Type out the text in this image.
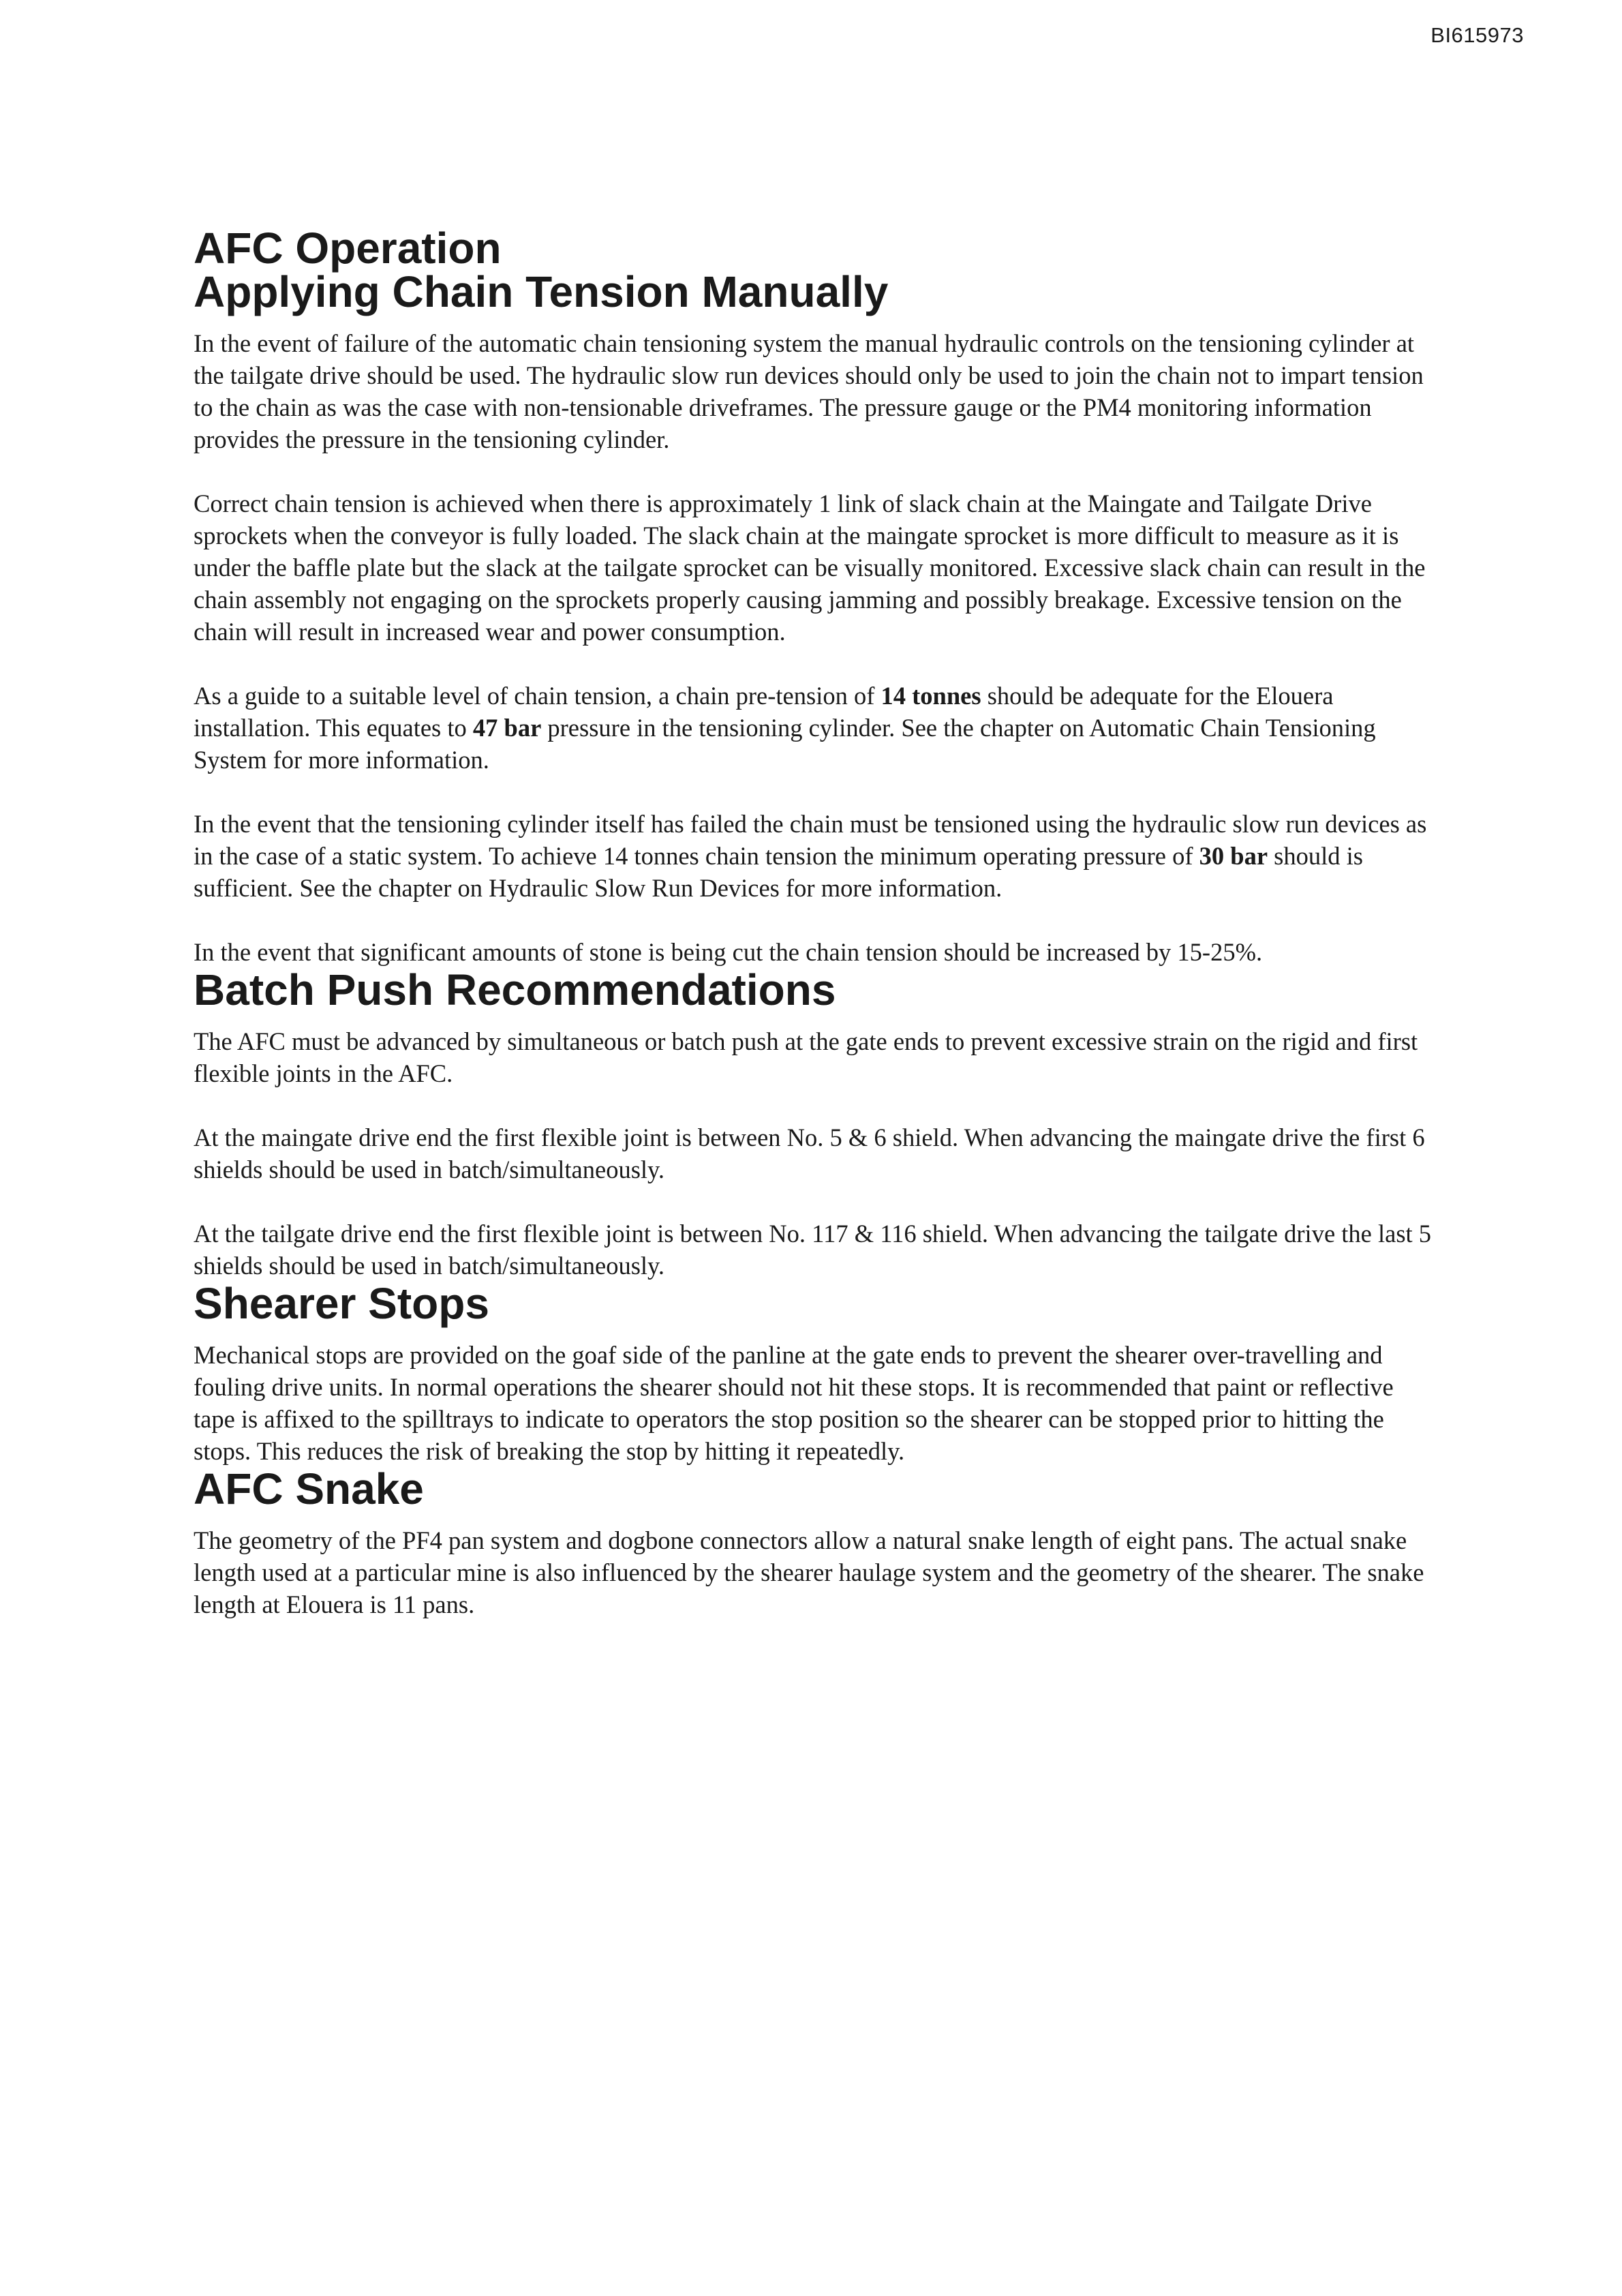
BI615973
AFC Operation
Applying Chain Tension Manually

In the event of failure of the automatic chain tensioning system the manual hydraulic controls on the tensioning cylinder at the tailgate drive should be used. The hydraulic slow run devices should only be used to join the chain not to impart tension to the chain as was the case with non-tensionable driveframes. The pressure gauge or the PM4 monitoring information provides the pressure in the tensioning cylinder.

Correct chain tension is achieved when there is approximately 1 link of slack chain at the Maingate and Tailgate Drive sprockets when the conveyor is fully loaded. The slack chain at the maingate sprocket is more difficult to measure as it is under the baffle plate but the slack at the tailgate sprocket can be visually monitored. Excessive slack chain can result in the chain assembly not engaging on the sprockets properly causing jamming and possibly breakage. Excessive tension on the chain will result in increased wear and power consumption.

As a guide to a suitable level of chain tension, a chain pre-tension of 14 tonnes should be adequate for the Elouera installation. This equates to 47 bar pressure in the tensioning cylinder. See the chapter on Automatic Chain Tensioning System for more information.

In the event that the tensioning cylinder itself has failed the chain must be tensioned using the hydraulic slow run devices as in the case of a static system. To achieve 14 tonnes chain tension the minimum operating pressure of 30 bar should is sufficient. See the chapter on Hydraulic Slow Run Devices for more information.

In the event that significant amounts of stone is being cut the chain tension should be increased by 15-25%.

Batch Push Recommendations

The AFC must be advanced by simultaneous or batch push at the gate ends to prevent excessive strain on the rigid and first flexible joints in the AFC.

At the maingate drive end the first flexible joint is between No. 5 & 6 shield. When advancing the maingate drive the first 6 shields should be used in batch/simultaneously.

At the tailgate drive end the first flexible joint is between No. 117 & 116 shield. When advancing the tailgate drive the last 5 shields should be used in batch/simultaneously.

Shearer Stops

Mechanical stops are provided on the goaf side of the panline at the gate ends to prevent the shearer over-travelling and fouling drive units. In normal operations the shearer should not hit these stops. It is recommended that paint or reflective tape is affixed to the spilltrays to indicate to operators the stop position so the shearer can be stopped prior to hitting the stops. This reduces the risk of breaking the stop by hitting it repeatedly.

AFC Snake

The geometry of the PF4 pan system and dogbone connectors allow a natural snake length of eight pans. The actual snake length used at a particular mine is also influenced by the shearer haulage system and the geometry of the shearer. The snake length at Elouera is 11 pans.
